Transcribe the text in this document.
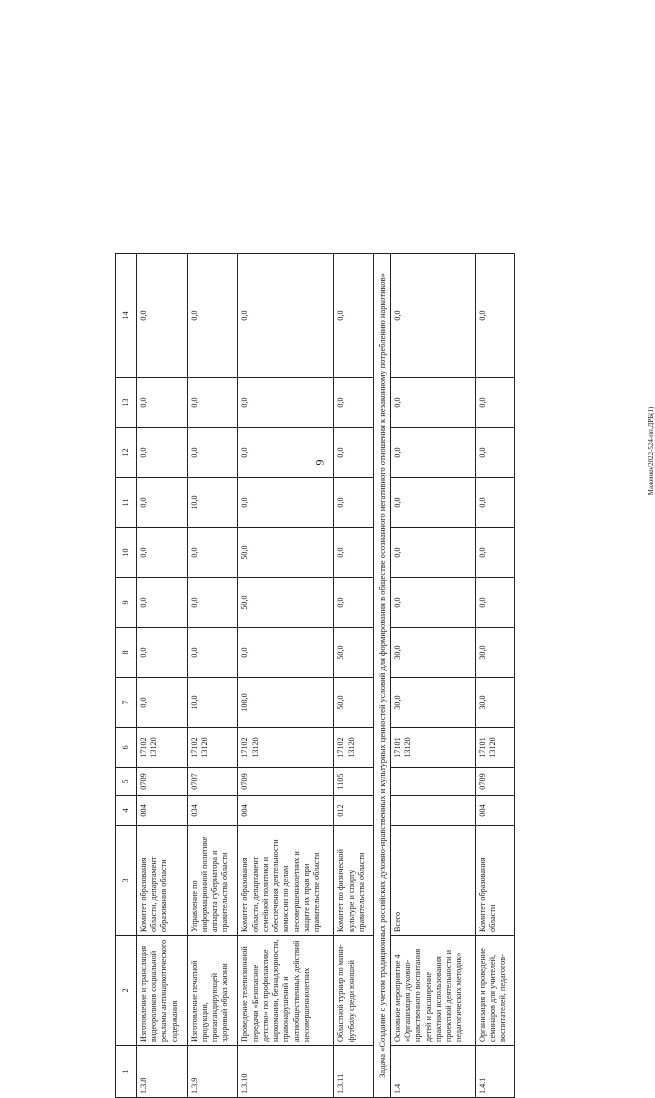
9	Маженко/2022-524-пп.ДРБ(1)
1	2	3	4	5	6	7	8	9	10	11	12	13	14
1.3.8	Изготовление и трансляция видеороликов социальной рекламы антинаркотического содержания	Комитет образования области, департамент образования области	004	0709	17102 13120	0,0	0,0	0,0	0,0	0,0	0,0	0,0	0,0
1.3.9	Изготовление печатной продукции, пропагандирующей здоровый образ жизни	Управление по информационной политике аппарата губернатора и правительства области	034	0707	17102 13120	10,0	0,0	0,0	0,0	10,0	0,0	0,0	0,0
1.3.10	Проведение телевизионной передачи «Безопасное детство» по профилактике наркомании, безнадзорности, правонарушений и антиобщественных действий несовершеннолетних	Комитет образования области, департамент семейной политики и обеспечения деятельности комиссии по делам несовершеннолетних и защите их прав при правительстве области	004	0709	17102 13120	100,0	0,0	50,0	50,0	0,0	0,0	0,0	0,0
1.3.11	Областной турнир по мини-футболу среди юношей	Комитет по физической культуре и спорту правительства области	012	1105	17102 13120	50,0	50,0	0,0	0,0	0,0	0,0	0,0	0,0
Задача «Создание с учетом традиционных российских духовно-нравственных и культурных ценностей условий для формирования в обществе осознанного негативного отношения к незаконному потреблению наркотиков»													
1.4	Основное мероприятие 4 «Организация духовно-нравственного воспитания детей и расширение практики использования проектной деятельности и педагогических методик»	Всего			17101 13120	30,0	30,0	0,0	0,0	0,0	0,0	0,0	0,0
1.4.1	Организация и проведение семинаров для учителей, воспитателей, педагогов-	Комитет образования области	004	0709	17101 13120	30,0	30,0	0,0	0,0	0,0	0,0	0,0	0,0
